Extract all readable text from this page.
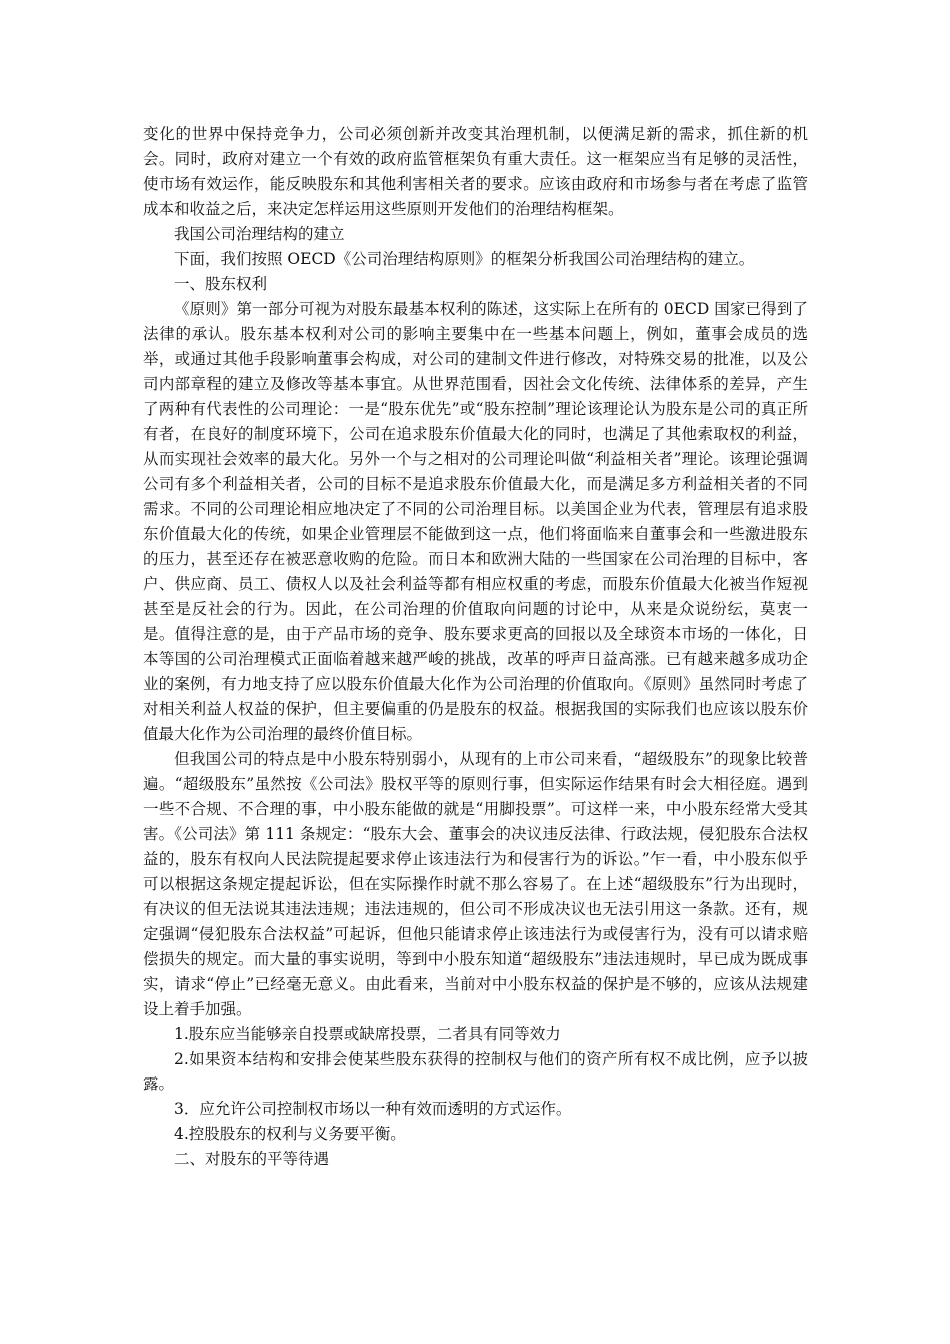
变化的世界中保持竞争力，公司必须创新并改变其治理机制，以便满足新的需求，抓住新的机会。同时，政府对建立一个有效的政府监管框架负有重大责任。这一框架应当有足够的灵活性，使市场有效运作，能反映股东和其他利害相关者的要求。应该由政府和市场参与者在考虑了监管成本和收益之后，来决定怎样运用这些原则开发他们的治理结构框架。

我国公司治理结构的建立

下面，我们按照 OECD《公司治理结构原则》的框架分析我国公司治理结构的建立。

一、股东权利

《原则》第一部分可视为对股东最基本权利的陈述，这实际上在所有的 0ECD 国家已得到了法律的承认。股东基本权利对公司的影响主要集中在一些基本问题上，例如，董事会成员的选举，或通过其他手段影响董事会构成，对公司的建制文件进行修改，对特殊交易的批准，以及公司内部章程的建立及修改等基本事宜。从世界范围看，因社会文化传统、法律体系的差异，产生了两种有代表性的公司理论：一是“股东优先”或“股东控制”理论该理论认为股东是公司的真正所有者，在良好的制度环境下，公司在追求股东价值最大化的同时，也满足了其他索取权的利益，从而实现社会效率的最大化。另外一个与之相对的公司理论叫做“利益相关者”理论。该理论强调公司有多个利益相关者，公司的目标不是追求股东价值最大化，而是满足多方利益相关者的不同需求。不同的公司理论相应地决定了不同的公司治理目标。以美国企业为代表，管理层有追求股东价值最大化的传统，如果企业管理层不能做到这一点，他们将面临来自董事会和一些激进股东的压力，甚至还存在被恶意收购的危险。而日本和欧洲大陆的一些国家在公司治理的目标中，客户、供应商、员工、债权人以及社会利益等都有相应权重的考虑，而股东价值最大化被当作短视甚至是反社会的行为。因此，在公司治理的价值取向问题的讨论中，从来是众说纷纭，莫衷一是。值得注意的是，由于产品市场的竞争、股东要求更高的回报以及全球资本市场的一体化，日本等国的公司治理模式正面临着越来越严峻的挑战，改革的呼声日益高涨。已有越来越多成功企业的案例，有力地支持了应以股东价值最大化作为公司治理的价值取向。《原则》虽然同时考虑了对相关利益人权益的保护，但主要偏重的仍是股东的权益。根据我国的实际我们也应该以股东价值最大化作为公司治理的最终价值目标。

但我国公司的特点是中小股东特别弱小，从现有的上市公司来看，“超级股东”的现象比较普遍。“超级股东”虽然按《公司法》股权平等的原则行事，但实际运作结果有时会大相径庭。遇到一些不合规、不合理的事，中小股东能做的就是“用脚投票”。可这样一来，中小股东经常大受其害。《公司法》第 111 条规定：“股东大会、董事会的决议违反法律、行政法规，侵犯股东合法权益的，股东有权向人民法院提起要求停止该违法行为和侵害行为的诉讼。”乍一看，中小股东似乎可以根据这条规定提起诉讼，但在实际操作时就不那么容易了。在上述“超级股东”行为出现时，有决议的但无法说其违法违规；违法违规的，但公司不形成决议也无法引用这一条款。还有，规定强调“侵犯股东合法权益”可起诉，但他只能请求停止该违法行为或侵害行为，没有可以请求赔偿损失的规定。而大量的事实说明，等到中小股东知道“超级股东”违法违规时，早已成为既成事实，请求“停止”已经毫无意义。由此看来，当前对中小股东权益的保护是不够的，应该从法规建设上着手加强。

1.股东应当能够亲自投票或缺席投票，二者具有同等效力

2.如果资本结构和安排会使某些股东获得的控制权与他们的资产所有权不成比例，应予以披露。

3．应允许公司控制权市场以一种有效而透明的方式运作。

4.控股股东的权利与义务要平衡。

二、对股东的平等待遇
